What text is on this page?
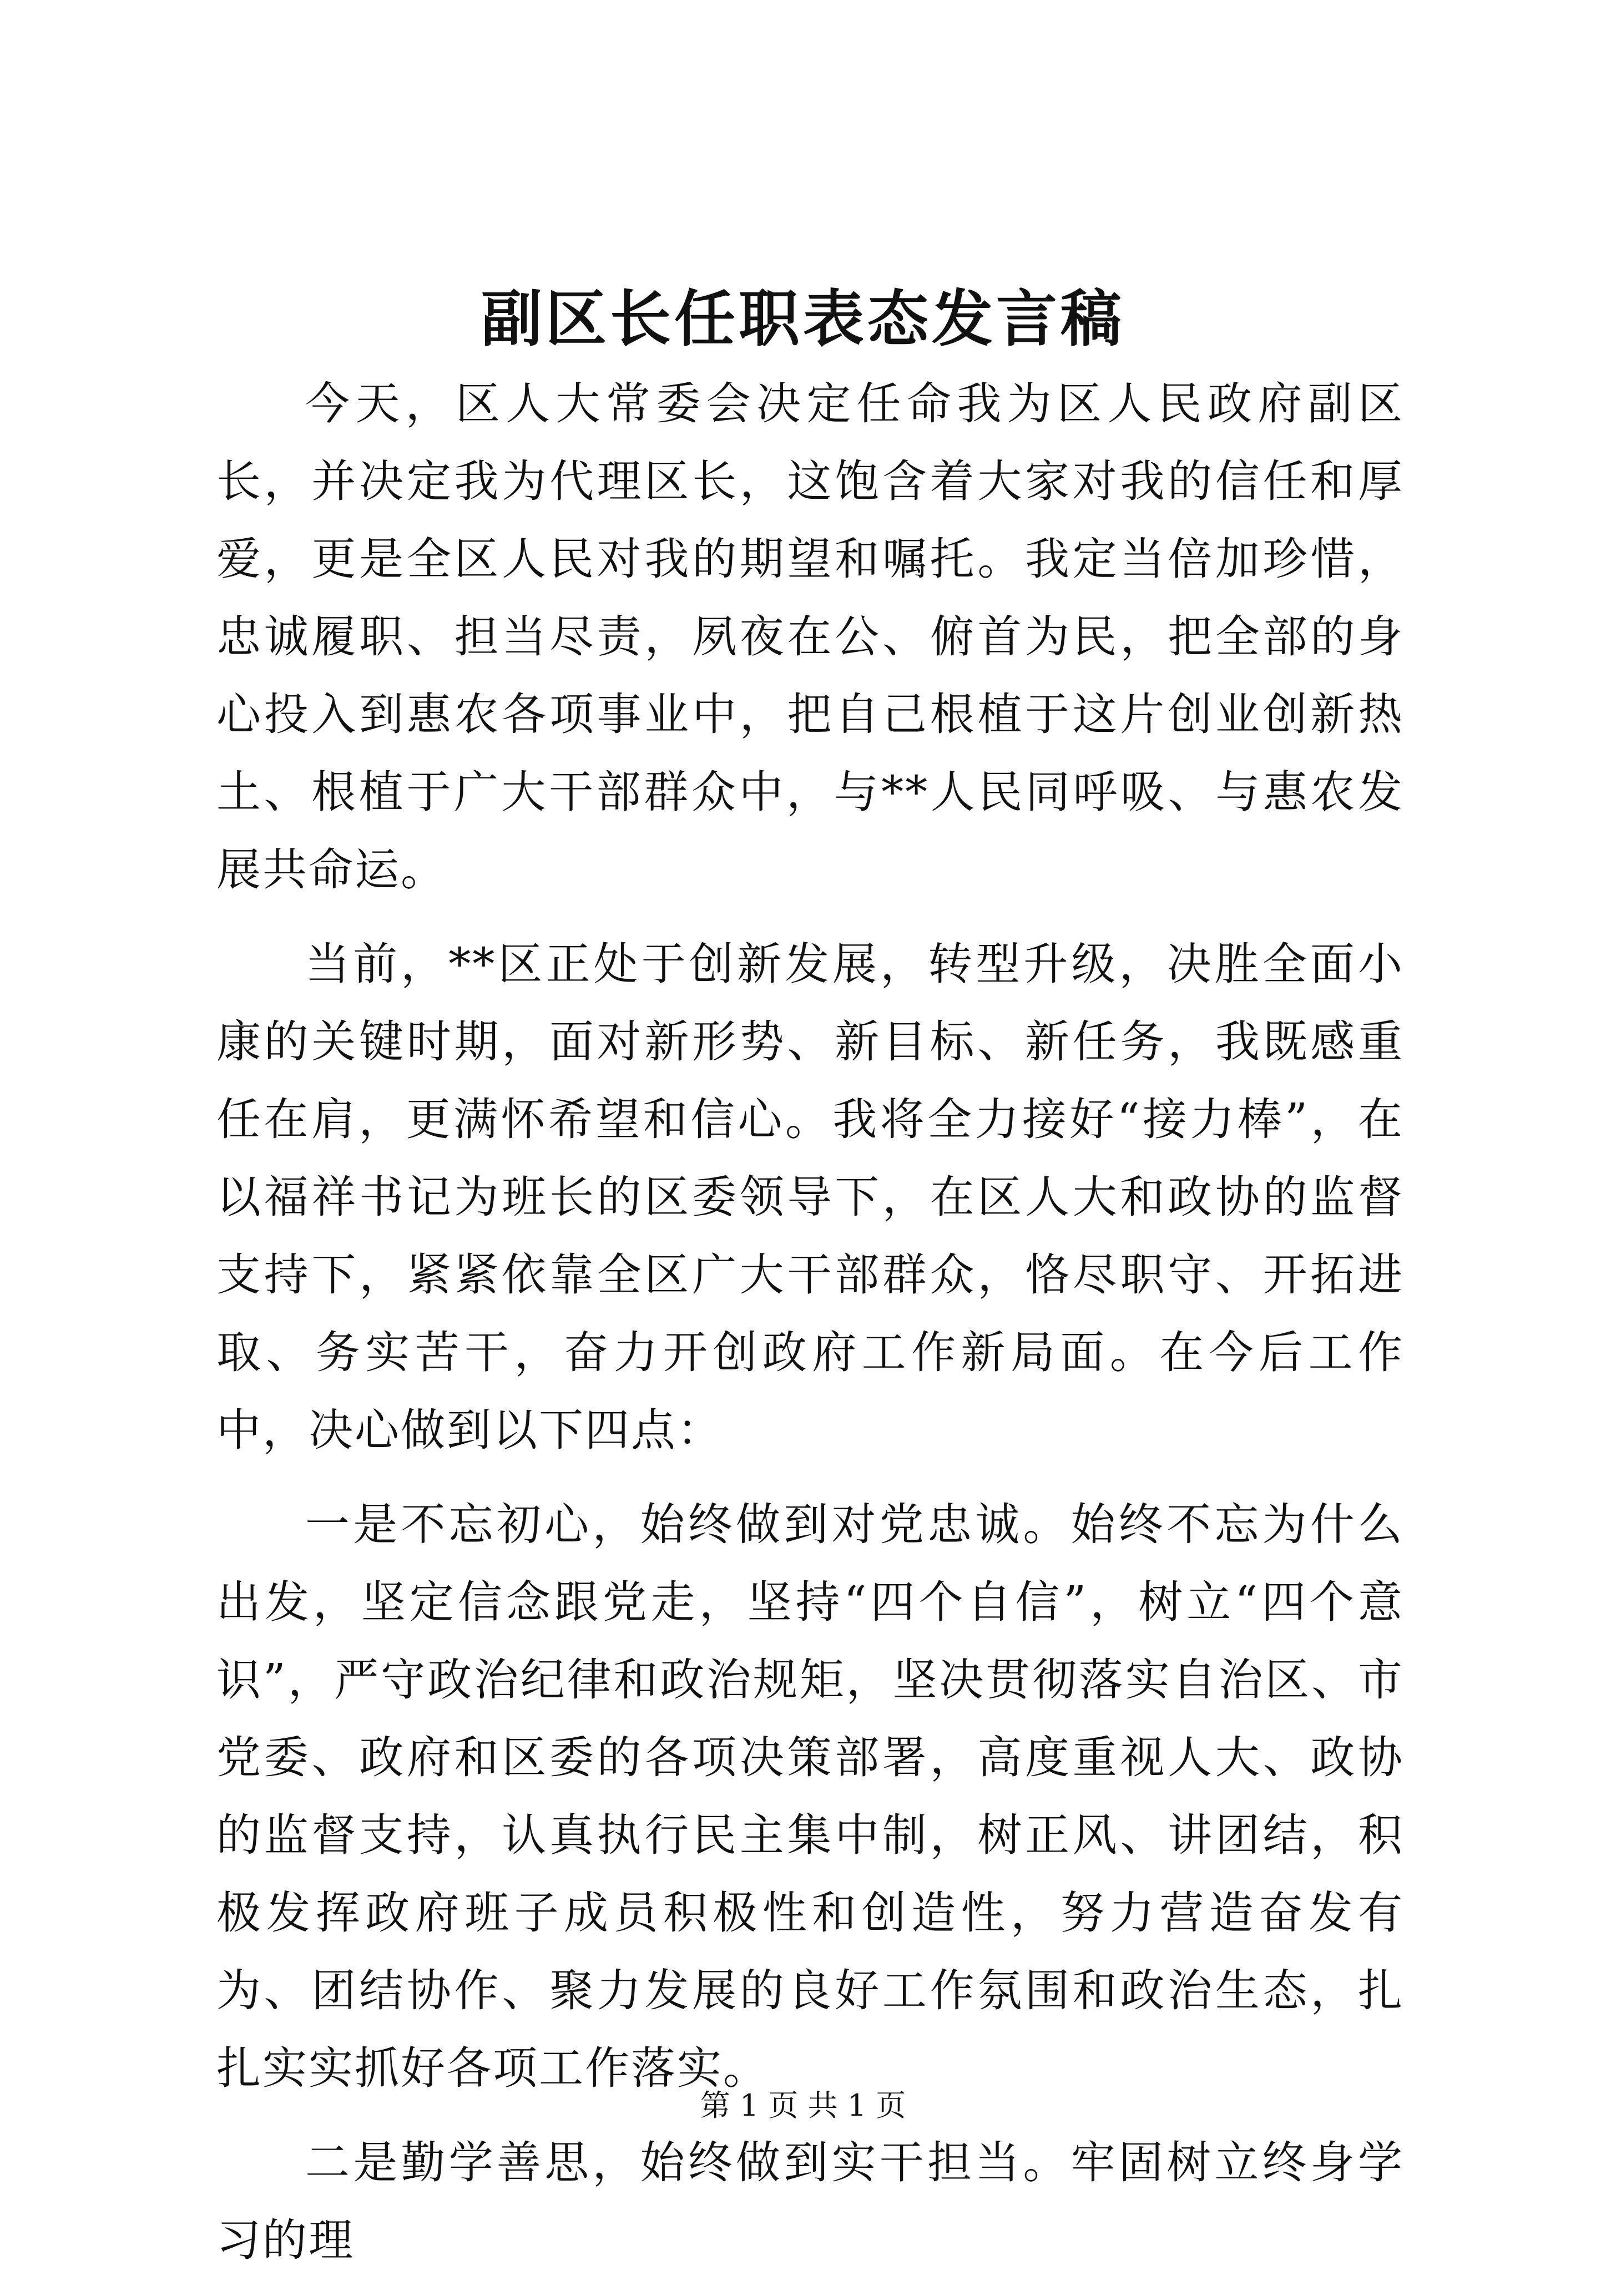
副区长任职表态发言稿

今天，区人大常委会决定任命我为区人民政府副区长，并决定我为代理区长，这饱含着大家对我的信任和厚爱，更是全区人民对我的期望和嘱托。我定当倍加珍惜，忠诚履职、担当尽责，夙夜在公、俯首为民，把全部的身心投入到惠农各项事业中，把自己根植于这片创业创新热土、根植于广大干部群众中，与**人民同呼吸、与惠农发展共命运。

当前，**区正处于创新发展，转型升级，决胜全面小康的关键时期，面对新形势、新目标、新任务，我既感重任在肩，更满怀希望和信心。我将全力接好“接力棒”，在以福祥书记为班长的区委领导下，在区人大和政协的监督支持下，紧紧依靠全区广大干部群众，恪尽职守、开拓进取、务实苦干，奋力开创政府工作新局面。在今后工作中，决心做到以下四点：

一是不忘初心，始终做到对党忠诚。始终不忘为什么出发，坚定信念跟党走，坚持“四个自信”，树立“四个意识”，严守政治纪律和政治规矩，坚决贯彻落实自治区、市党委、政府和区委的各项决策部署，高度重视人大、政协的监督支持，认真执行民主集中制，树正风、讲团结，积极发挥政府班子成员积极性和创造性，努力营造奋发有为、团结协作、聚力发展的良好工作氛围和政治生态，扎扎实实抓好各项工作落实。

二是勤学善思，始终做到实干担当。牢固树立终身学习的理

第 1 页 共 1 页
